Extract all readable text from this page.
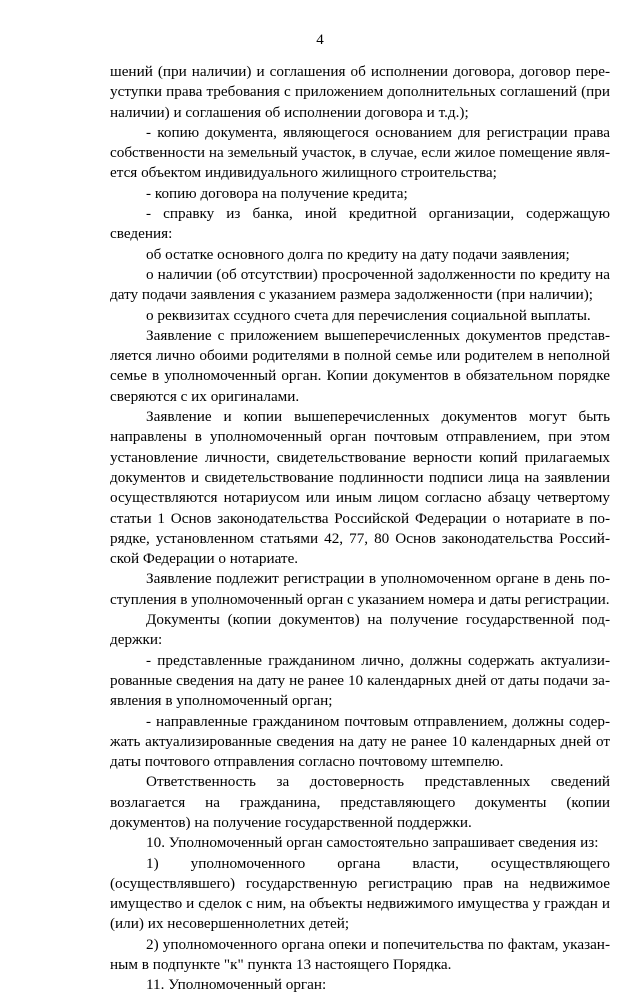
4

шений (при наличии) и соглашения об исполнении договора, договор переуступки права требования с приложением дополнительных соглашений (при наличии) и соглашения об исполнении договора и т.д.);

- копию документа, являющегося основанием для регистрации права собственности на земельный участок, в случае, если жилое помещение является объектом индивидуального жилищного строительства;

- копию договора на получение кредита;

- справку из банка, иной кредитной организации, содержащую сведения:

об остатке основного долга по кредиту на дату подачи заявления;

о наличии (об отсутствии) просроченной задолженности по кредиту на дату подачи заявления с указанием размера задолженности (при наличии);

о реквизитах ссудного счета для перечисления социальной выплаты.

Заявление с приложением вышеперечисленных документов представляется лично обоими родителями в полной семье или родителем в неполной семье в уполномоченный орган. Копии документов в обязательном порядке сверяются с их оригиналами.

Заявление и копии вышеперечисленных документов могут быть направлены в уполномоченный орган почтовым отправлением, при этом установление личности, свидетельствование верности копий прилагаемых документов и свидетельствование подлинности подписи лица на заявлении осуществляются нотариусом или иным лицом согласно абзацу четвертому статьи 1 Основ законодательства Российской Федерации о нотариате в порядке, установленном статьями 42, 77, 80 Основ законодательства Российской Федерации о нотариате.

Заявление подлежит регистрации в уполномоченном органе в день поступления в уполномоченный орган с указанием номера и даты регистрации.

Документы (копии документов) на получение государственной поддержки:

- представленные гражданином лично, должны содержать актуализированные сведения на дату не ранее 10 календарных дней от даты подачи заявления в уполномоченный орган;

- направленные гражданином почтовым отправлением, должны содержать актуализированные сведения на дату не ранее 10 календарных дней от даты почтового отправления согласно почтовому штемпелю.

Ответственность за достоверность представленных сведений возлагается на гражданина, представляющего документы (копии документов) на получение государственной поддержки.

10. Уполномоченный орган самостоятельно запрашивает сведения из:

1) уполномоченного органа власти, осуществляющего (осуществлявшего) государственную регистрацию прав на недвижимое имущество и сделок с ним, на объекты недвижимого имущества у граждан и (или) их несовершеннолетних детей;

2) уполномоченного органа опеки и попечительства по фактам, указанным в подпункте "к" пункта 13 настоящего Порядка.

11. Уполномоченный орган:
